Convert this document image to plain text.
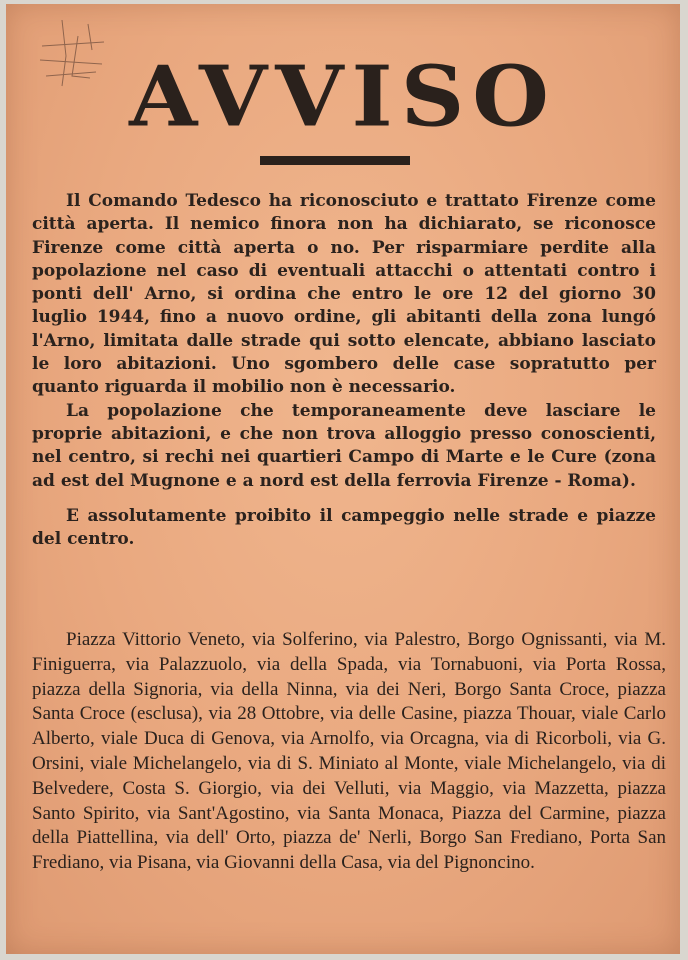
AVVISO

Il Comando Tedesco ha riconosciuto e trattato Firenze come città aperta. Il nemico finora non ha dichiarato, se riconosce Firenze come città aperta o no. Per risparmiare perdite alla popolazione nel caso di eventuali attacchi o attentati contro i ponti dell' Arno, si ordina che entro le ore 12 del giorno 30 luglio 1944, fino a nuovo ordine, gli abitanti della zona lungó l'Arno, limitata dalle strade qui sotto elencate, abbiano lasciato le loro abitazioni. Uno sgombero delle case sopratutto per quanto riguarda il mobilio non è necessario.

La popolazione che temporaneamente deve lasciare le proprie abitazioni, e che non trova alloggio presso conoscienti, nel centro, si rechi nei quartieri Campo di Marte e le Cure (zona ad est del Mugnone e a nord est della ferrovia Firenze - Roma).

E assolutamente proibito il campeggio nelle strade e piazze del centro.

Piazza Vittorio Veneto, via Solferino, via Palestro, Borgo Ognissanti, via M. Finiguerra, via Palazzuolo, via della Spada, via Tornabuoni, via Porta Rossa, piazza della Signoria, via della Ninna, via dei Neri, Borgo Santa Croce, piazza Santa Croce (esclusa), via 28 Ottobre, via delle Casine, piazza Thouar, viale Carlo Alberto, viale Duca di Genova, via Arnolfo, via Orcagna, via di Ricorboli, via G. Orsini, viale Michelangelo, via di S. Miniato al Monte, viale Michelangelo, via di Belvedere, Costa S. Giorgio, via dei Velluti, via Maggio, via Mazzetta, piazza Santo Spirito, via Sant'Agostino, via Santa Monaca, Piazza del Carmine, piazza della Piattellina, via dell' Orto, piazza de' Nerli, Borgo San Frediano, Porta San Frediano, via Pisana, via Giovanni della Casa, via del Pignoncino.
